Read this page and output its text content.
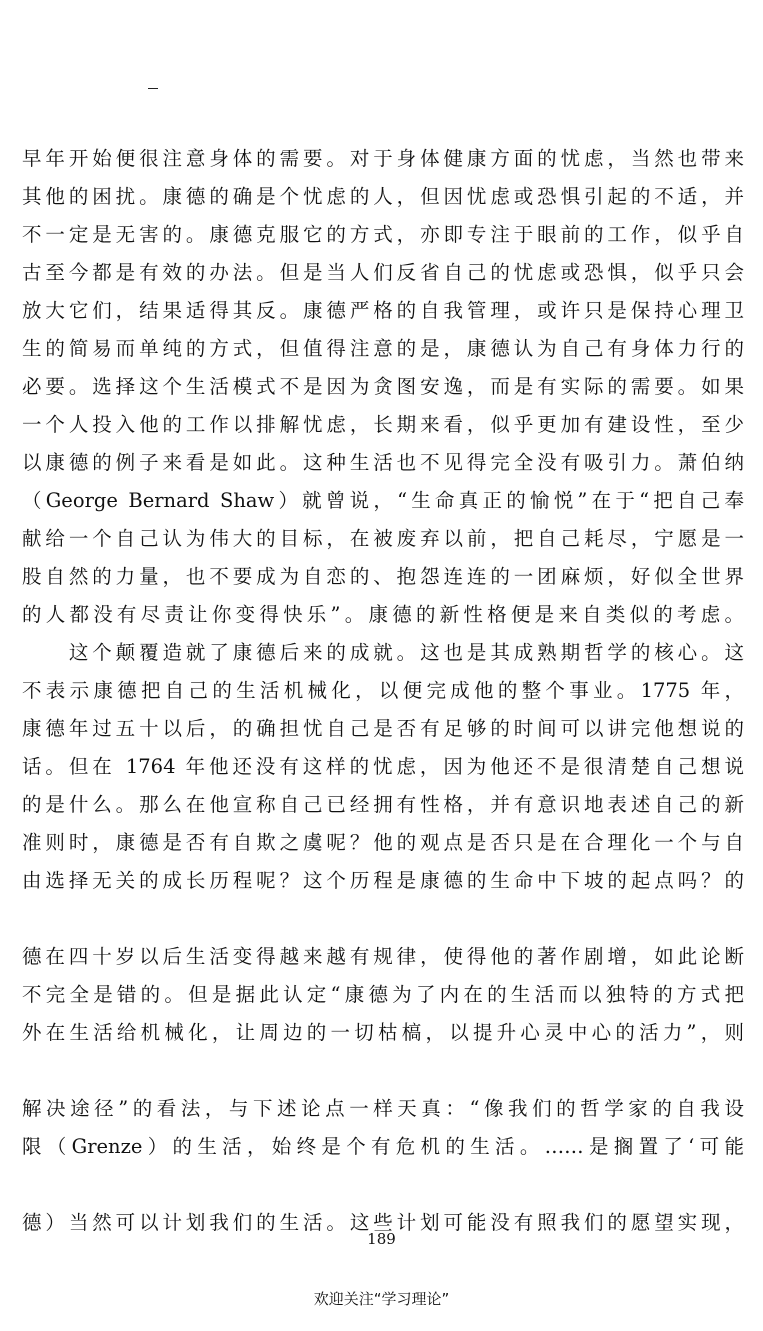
早年开始便很注意身体的需要。对于身体健康方面的忧虑，当然也带来
其他的困扰。康德的确是个忧虑的人，但因忧虑或恐惧引起的不适，并
不一定是无害的。康德克服它的方式，亦即专注于眼前的工作，似乎自
古至今都是有效的办法。但是当人们反省自己的忧虑或恐惧，似乎只会
放大它们，结果适得其反。康德严格的自我管理，或许只是保持心理卫
生的简易而单纯的方式，但值得注意的是，康德认为自己有身体力行的
必要。选择这个生活模式不是因为贪图安逸，而是有实际的需要。如果
一个人投入他的工作以排解忧虑，长期来看，似乎更加有建设性，至少
以康德的例子来看是如此。这种生活也不见得完全没有吸引力。萧伯纳
（George Bernard Shaw）就曾说，“生命真正的愉悦”在于“把自己奉
献给一个自己认为伟大的目标，在被废弃以前，把自己耗尽，宁愿是一
股自然的力量，也不要成为自恋的、抱怨连连的一团麻烦，好似全世界
的人都没有尽责让你变得快乐”。康德的新性格便是来自类似的考虑。
　　这个颠覆造就了康德后来的成就。这也是其成熟期哲学的核心。这
不表示康德把自己的生活机械化，以便完成他的整个事业。1775 年，
康德年过五十以后，的确担忧自己是否有足够的时间可以讲完他想说的
话。但在 1764 年他还没有这样的忧虑，因为他还不是很清楚自己想说
的是什么。那么在他宣称自己已经拥有性格，并有意识地表述自己的新
准则时，康德是否有自欺之虞呢？他的观点是否只是在合理化一个与自
由选择无关的成长历程呢？这个历程是康德的生命中下坡的起点吗？的

德在四十岁以后生活变得越来越有规律，使得他的著作剧增，如此论断
不完全是错的。但是据此认定“康德为了内在的生活而以独特的方式把
外在生活给机械化，让周边的一切枯槁，以提升心灵中心的活力”，则

解决途径”的看法，与下述论点一样天真：“像我们的哲学家的自我设
限（Grenze）的生活，始终是个有危机的生活。……是搁置了‘可能

德）当然可以计划我们的生活。这些计划可能没有照我们的愿望实现，
189
欢迎关注“学习理论”
